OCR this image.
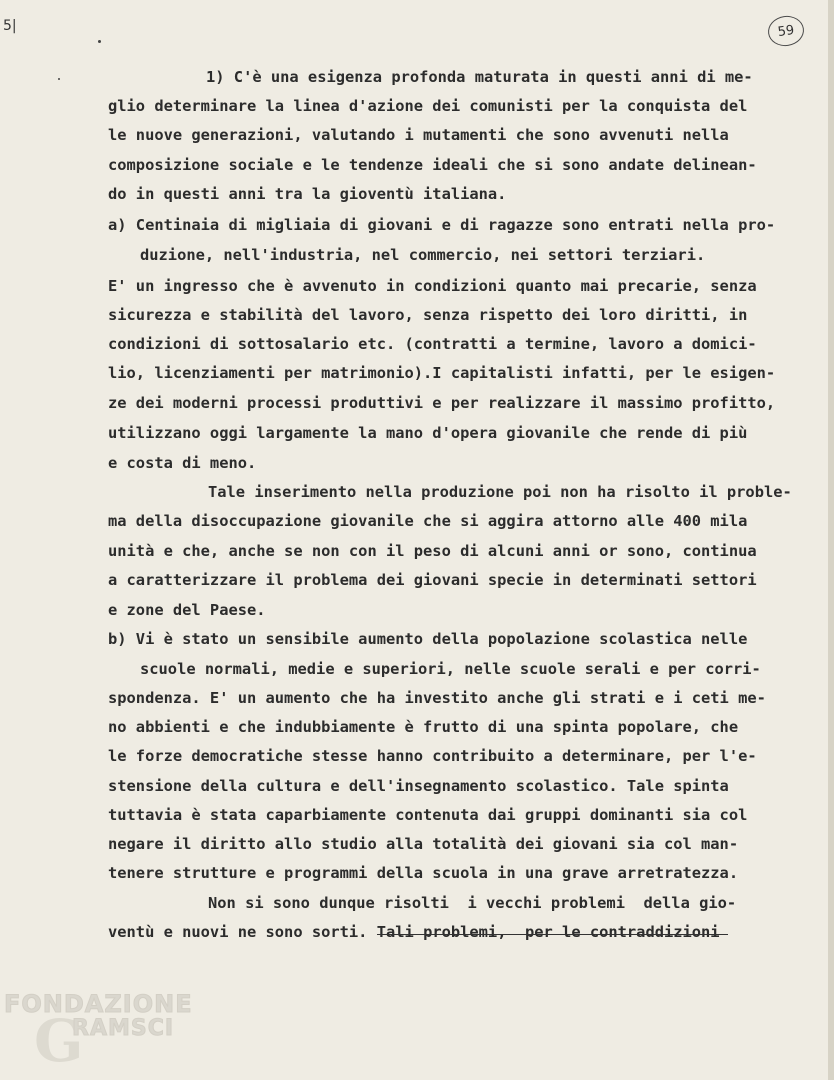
5|	59
1) C'è una esigenza profonda maturata in questi anni di me-
glio determinare la linea d'azione dei comunisti per la conquista del
le nuove generazioni, valutando i mutamenti che sono avvenuti nella
composizione sociale e le tendenze ideali che si sono andate delinean-
do in questi anni tra la gioventù italiana.
a) Centinaia di migliaia di giovani e di ragazze sono entrati nella pro-
duzione, nell'industria, nel commercio, nei settori terziari.
E' un ingresso che è avvenuto in condizioni quanto mai precarie, senza
sicurezza e stabilità del lavoro, senza rispetto dei loro diritti, in
condizioni di sottosalario etc. (contratti a termine, lavoro a domici-
lio, licenziamenti per matrimonio).I capitalisti infatti, per le esigen-
ze dei moderni processi produttivi e per realizzare il massimo profitto,
utilizzano oggi largamente la mano d'opera giovanile che rende di più
e costa di meno.
Tale inserimento nella produzione poi non ha risolto il proble-
ma della disoccupazione giovanile che si aggira attorno alle 400 mila
unità e che, anche se non con il peso di alcuni anni or sono, continua
a caratterizzare il problema dei giovani specie in determinati settori
e zone del Paese.
b) Vi è stato un sensibile aumento della popolazione scolastica nelle
scuole normali, medie e superiori, nelle scuole serali e per corri-
spondenza. E' un aumento che ha investito anche gli strati e i ceti me-
no abbienti e che indubbiamente è frutto di una spinta popolare, che
le forze democratiche stesse hanno contribuito a determinare, per l'e-
stensione della cultura e dell'insegnamento scolastico. Tale spinta
tuttavia è stata caparbiamente contenuta dai gruppi dominanti sia col
negare il diritto allo studio alla totalità dei giovani sia col man-
tenere strutture e programmi della scuola in una grave arretratezza.
Non si sono dunque risolti  i vecchi problemi  della gio-
ventù e nuovi ne sono sorti. Tali problemi,  per le contraddizioni
G
FONDAZIONE
RAMSCI
